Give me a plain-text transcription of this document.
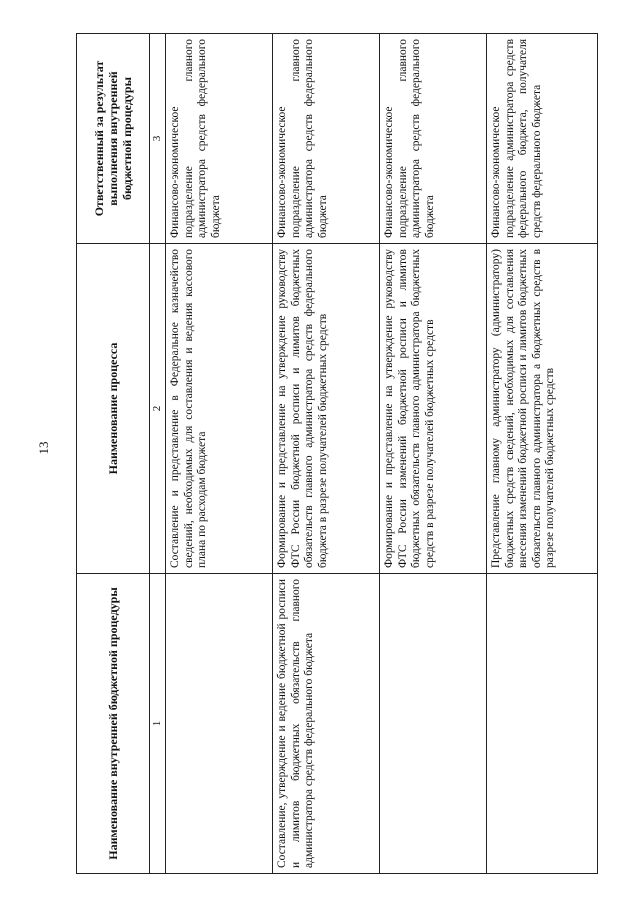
13
Наименование внутренней бюджетной процедуры	Наименование процесса	Ответственный за результат выполнения внутренней бюджетной процедуры
1	2	3
	Составление и представление в Федеральное казначейство сведений, необходимых для составления и ведения кассового плана по расходам бюджета	Финансово-экономическое подразделение главного администратора средств федерального бюджета
Составление, утверждение и ведение бюджетной росписи и лимитов бюджетных обязательств главного администратора средств федерального бюджета	Формирование и представление на утверждение руководству ФТС России бюджетной росписи и лимитов бюджетных обязательств главного администратора средств федерального бюджета в разрезе получателей бюджетных средств	Финансово-экономическое подразделение главного администратора средств федерального бюджета
	Формирование и представление на утверждение руководству ФТС России изменений бюджетной росписи и лимитов бюджетных обязательств главного администратора бюджетных средств в разрезе получателей бюджетных средств	Финансово-экономическое подразделение главного администратора средств федерального бюджета
	Представление главному администратору (администратору) бюджетных средств сведений, необходимых для составления внесения изменений бюджетной росписи и лимитов бюджетных обязательств главного администратора а бюджетных средств в разрезе получателей бюджетных средств	Финансово-экономическое подразделение администратора средств федерального бюджета, получателя средств федерального бюджета
